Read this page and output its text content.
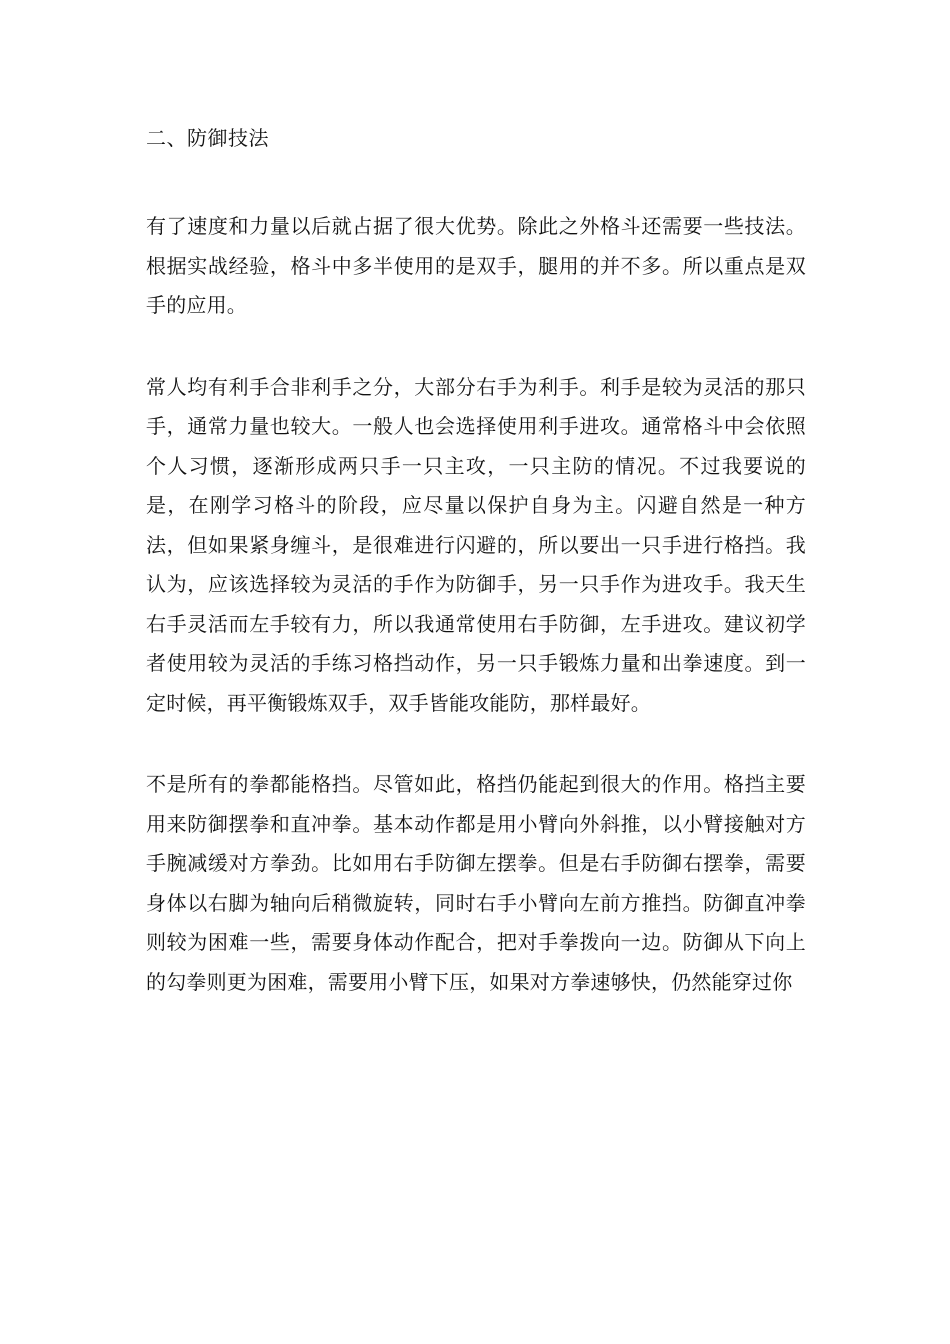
二、防御技法

有了速度和力量以后就占据了很大优势。除此之外格斗还需要一些技法。根据实战经验，格斗中多半使用的是双手，腿用的并不多。所以重点是双手的应用。

常人均有利手合非利手之分，大部分右手为利手。利手是较为灵活的那只手，通常力量也较大。一般人也会选择使用利手进攻。通常格斗中会依照个人习惯，逐渐形成两只手一只主攻，一只主防的情况。不过我要说的是，在刚学习格斗的阶段，应尽量以保护自身为主。闪避自然是一种方法，但如果紧身缠斗，是很难进行闪避的，所以要出一只手进行格挡。我认为，应该选择较为灵活的手作为防御手，另一只手作为进攻手。我天生右手灵活而左手较有力，所以我通常使用右手防御，左手进攻。建议初学者使用较为灵活的手练习格挡动作，另一只手锻炼力量和出拳速度。到一定时候，再平衡锻炼双手，双手皆能攻能防，那样最好。

不是所有的拳都能格挡。尽管如此，格挡仍能起到很大的作用。格挡主要用来防御摆拳和直冲拳。基本动作都是用小臂向外斜推，以小臂接触对方手腕减缓对方拳劲。比如用右手防御左摆拳。但是右手防御右摆拳，需要身体以右脚为轴向后稍微旋转，同时右手小臂向左前方推挡。防御直冲拳则较为困难一些，需要身体动作配合，把对手拳拨向一边。防御从下向上的勾拳则更为困难，需要用小臂下压，如果对方拳速够快，仍然能穿过你
